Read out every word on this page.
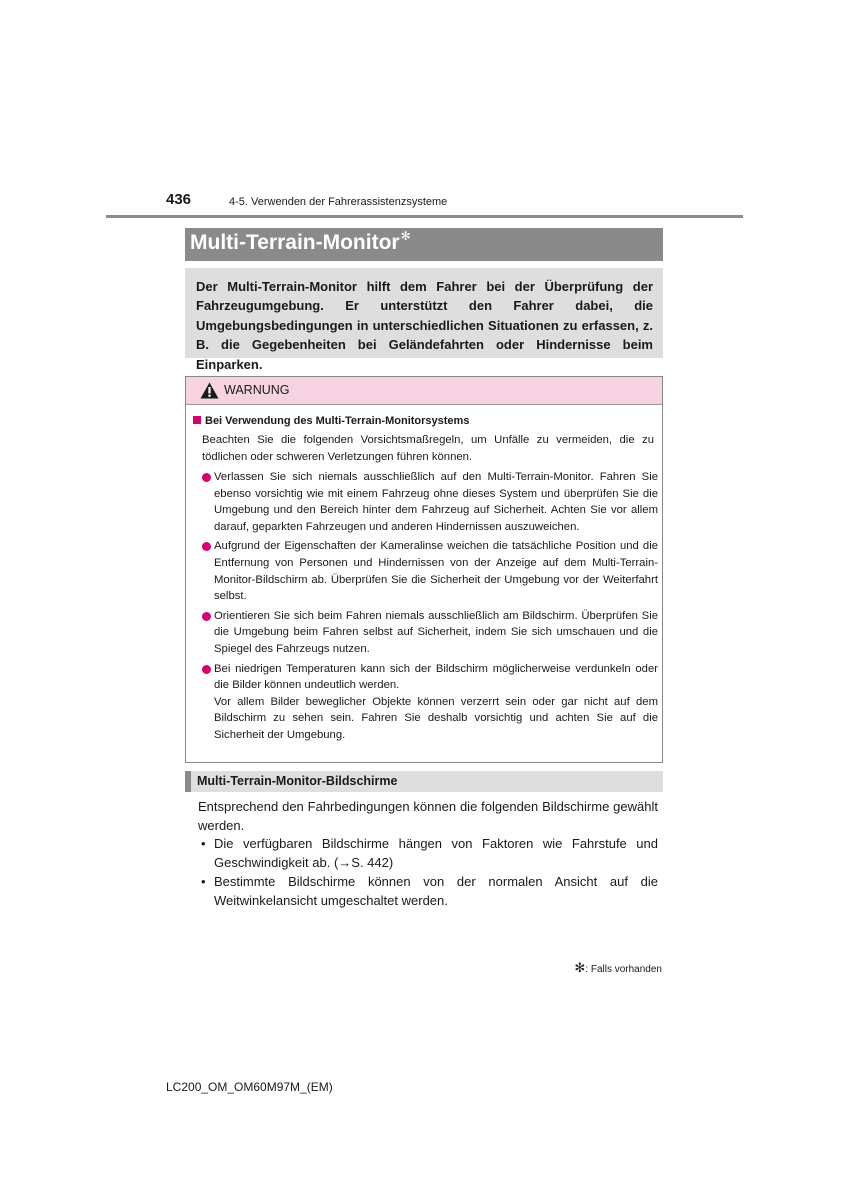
436	4-5. Verwenden der Fahrerassistenzsysteme
Multi-Terrain-Monitor✻
Der Multi-Terrain-Monitor hilft dem Fahrer bei der Überprüfung der Fahrzeugumgebung. Er unterstützt den Fahrer dabei, die Umgebungsbedingungen in unterschiedlichen Situationen zu erfassen, z. B. die Gegebenheiten bei Geländefahrten oder Hindernisse beim Einparken.
WARNUNG
Bei Verwendung des Multi-Terrain-Monitorsystems
Beachten Sie die folgenden Vorsichtsmaßregeln, um Unfälle zu vermeiden, die zu tödlichen oder schweren Verletzungen führen können.
Verlassen Sie sich niemals ausschließlich auf den Multi-Terrain-Monitor. Fahren Sie ebenso vorsichtig wie mit einem Fahrzeug ohne dieses System und überprüfen Sie die Umgebung und den Bereich hinter dem Fahrzeug auf Sicherheit. Achten Sie vor allem darauf, geparkten Fahrzeugen und anderen Hindernissen auszuweichen.
Aufgrund der Eigenschaften der Kameralinse weichen die tatsächliche Position und die Entfernung von Personen und Hindernissen von der Anzeige auf dem Multi-Terrain-Monitor-Bildschirm ab. Überprüfen Sie die Sicherheit der Umgebung vor der Weiterfahrt selbst.
Orientieren Sie sich beim Fahren niemals ausschließlich am Bildschirm. Überprüfen Sie die Umgebung beim Fahren selbst auf Sicherheit, indem Sie sich umschauen und die Spiegel des Fahrzeugs nutzen.
Bei niedrigen Temperaturen kann sich der Bildschirm möglicherweise verdunkeln oder die Bilder können undeutlich werden.
Vor allem Bilder beweglicher Objekte können verzerrt sein oder gar nicht auf dem Bildschirm zu sehen sein. Fahren Sie deshalb vorsichtig und achten Sie auf die Sicherheit der Umgebung.
Multi-Terrain-Monitor-Bildschirme
Entsprechend den Fahrbedingungen können die folgenden Bildschirme gewählt werden.
• Die verfügbaren Bildschirme hängen von Faktoren wie Fahrstufe und Geschwindigkeit ab. (→S. 442)
• Bestimmte Bildschirme können von der normalen Ansicht auf die Weitwinkelansicht umgeschaltet werden.
✻: Falls vorhanden
LC200_OM_OM60M97M_(EM)
